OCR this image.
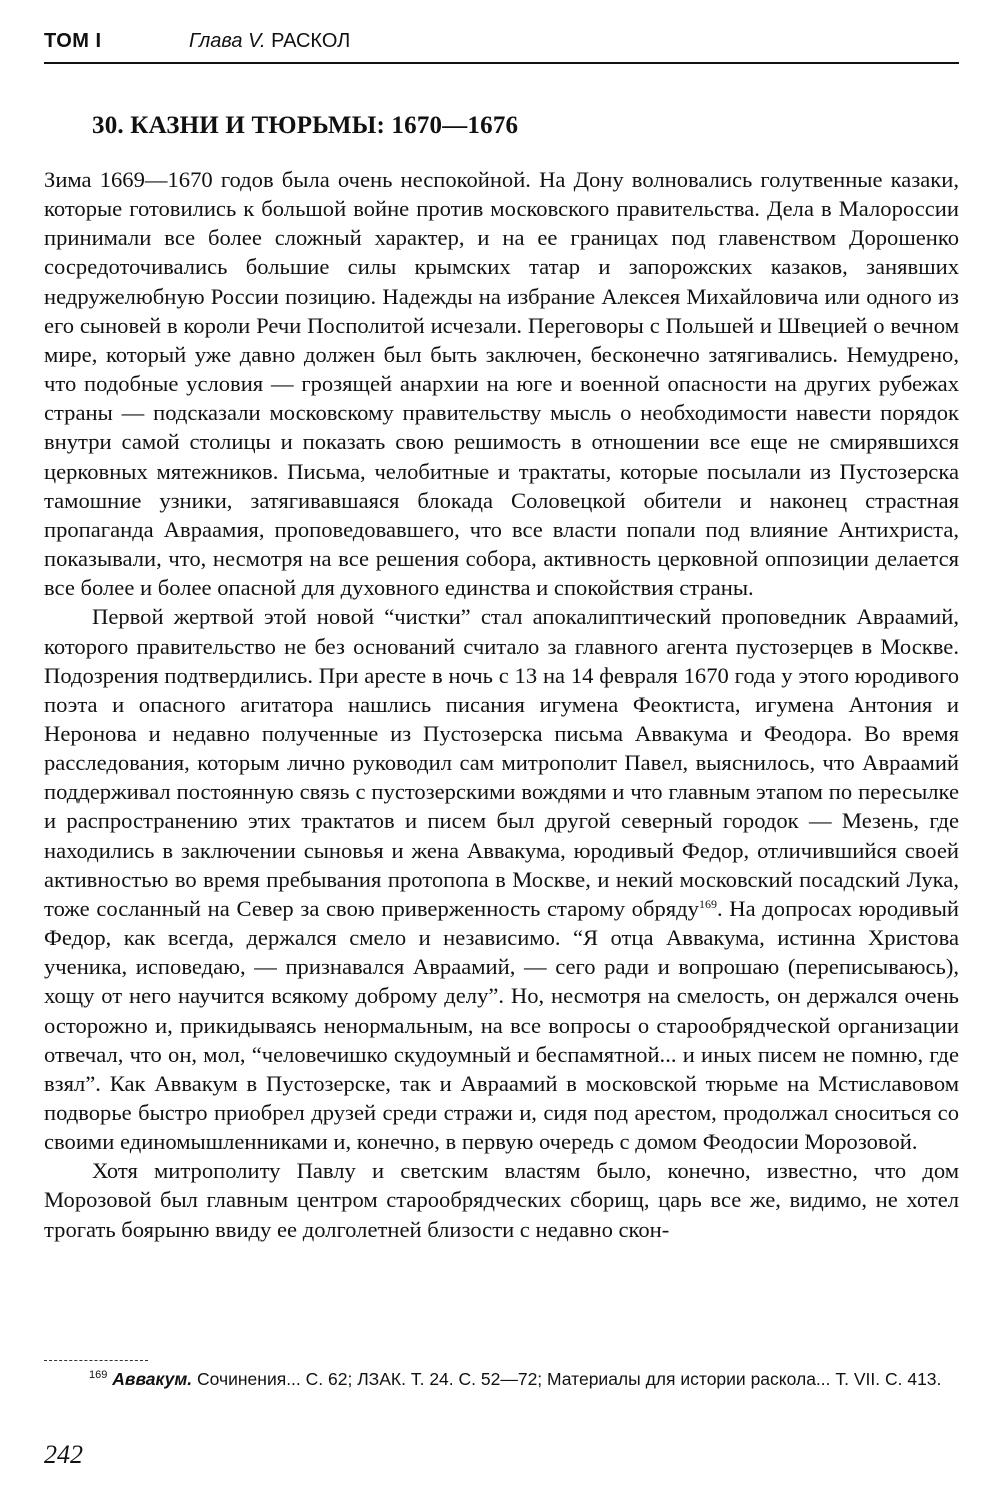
ТОМ I	Глава V. РАСКОЛ
30. КАЗНИ И ТЮРЬМЫ: 1670—1676

Зима 1669—1670 годов была очень неспокойной. На Дону волновались голутвенные казаки, которые готовились к большой войне против московского правительства. Дела в Малороссии принимали все более сложный характер, и на ее границах под главенством Дорошенко сосредоточивались большие силы крымских татар и запорожских казаков, занявших недружелюбную России позицию. Надежды на избрание Алексея Михайловича или одного из его сыновей в короли Речи Посполитой исчезали. Переговоры с Польшей и Швецией о вечном мире, который уже давно должен был быть заключен, бесконечно затягивались. Немудрено, что подобные условия — грозящей анархии на юге и военной опасности на других рубежах страны — подсказали московскому правительству мысль о необходимости навести порядок внутри самой столицы и показать свою решимость в отношении все еще не смирявшихся церковных мятежников. Письма, челобитные и трактаты, которые посылали из Пустозерска тамошние узники, затягивавшаяся блокада Соловецкой обители и наконец страстная пропаганда Авраамия, проповедовавшего, что все власти попали под влияние Антихриста, показывали, что, несмотря на все решения собора, активность церковной оппозиции делается все более и более опасной для духовного единства и спокойствия страны.

Первой жертвой этой новой “чистки” стал апокалиптический проповедник Авраамий, которого правительство не без оснований считало за главного агента пустозерцев в Москве. Подозрения подтвердились. При аресте в ночь с 13 на 14 февраля 1670 года у этого юродивого поэта и опасного агитатора нашлись писания игумена Феоктиста, игумена Антония и Неронова и недавно полученные из Пустозерска письма Аввакума и Феодора. Во время расследования, которым лично руководил сам митрополит Павел, выяснилось, что Авраамий поддерживал постоянную связь с пустозерскими вождями и что главным этапом по пересылке и распространению этих трактатов и писем был другой северный городок — Мезень, где находились в заключении сыновья и жена Аввакума, юродивый Федор, отличившийся своей активностью во время пребывания протопопа в Москве, и некий московский посадский Лука, тоже сосланный на Север за свою приверженность старому обряду$^{169}$. На допросах юродивый Федор, как всегда, держался смело и независимо. “Я отца Аввакума, истинна Христова ученика, исповедаю, — признавался Авраамий, — сего ради и вопрошаю (переписываюсь), хощу от него научится всякому доброму делу”. Но, несмотря на смелость, он держался очень осторожно и, прикидываясь ненормальным, на все вопросы о старообрядческой организации отвечал, что он, мол, “человечишко скудоумный и беспамятной... и иных писем не помню, где взял”. Как Аввакум в Пустозерске, так и Авраамий в московской тюрьме на Мстиславовом подворье быстро приобрел друзей среди стражи и, сидя под арестом, продолжал сноситься со своими единомышленниками и, конечно, в первую очередь с домом Феодосии Морозовой.

Хотя митрополиту Павлу и светским властям было, конечно, известно, что дом Морозовой был главным центром старообрядческих сборищ, царь все же, видимо, не хотел трогать боярыню ввиду ее долголетней близости с недавно скон-

$^{169}$ Аввакум. Сочинения... С. 62; ЛЗАК. Т. 24. С. 52—72; Материалы для истории раскола... Т. VII. С. 413.

242
